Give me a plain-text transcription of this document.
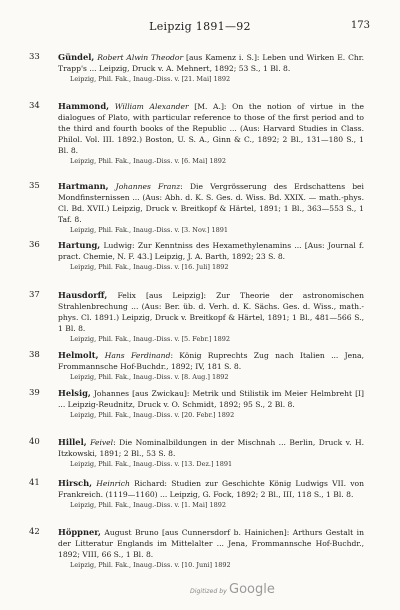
Leipzig 1891—92	173
33	Gündel, Robert Alwin Theodor [aus Kamenz i. S.]: Leben und Wirken E. Chr. Trapp's ... Leipzig, Druck v. A. Mehnert, 1892; 53 S., 1 Bl. 8.
Leipzig, Phil. Fak., Inaug.-Diss. v. [21. Mai] 1892
34	Hammond, William Alexander [M. A.]: On the notion of virtue in the dialogues of Plato, with particular reference to those of the first period and to the third and fourth books of the Republic ... (Aus: Harvard Studies in Class. Philol. Vol. III. 1892.) Boston, U. S. A., Ginn & C., 1892; 2 Bl., 131—180 S., 1 Bl. 8.
Leipzig, Phil. Fak., Inaug.-Diss. v. [6. Mai] 1892
35	Hartmann, Johannes Franz: Die Vergrösserung des Erdschattens bei Mondfinsternissen ... (Aus: Abh. d. K. S. Ges. d. Wiss. Bd. XXIX. — math.-phys. Cl. Bd. XVII.) Leipzig, Druck v. Breitkopf & Härtel, 1891; 1 Bl., 363—553 S., 1 Taf. 8.
Leipzig, Phil. Fak., Inaug.-Diss. v. [3. Nov.] 1891
36	Hartung, Ludwig: Zur Kenntniss des Hexamethylenamins ... [Aus: Journal f. pract. Chemie, N. F. 43.] Leipzig, J. A. Barth, 1892; 23 S. 8.
Leipzig, Phil. Fak., Inaug.-Diss. v. [16. Juli] 1892
37	Hausdorff, Felix [aus Leipzig]: Zur Theorie der astronomischen Strahlenbrechung ... (Aus: Ber. üb. d. Verh. d. K. Sächs. Ges. d. Wiss., math.-phys. Cl. 1891.) Leipzig, Druck v. Breitkopf & Härtel, 1891; 1 Bl., 481—566 S., 1 Bl. 8.
Leipzig, Phil. Fak., Inaug.-Diss. v. [5. Febr.] 1892
38	Helmolt, Hans Ferdinand: König Ruprechts Zug nach Italien ... Jena, Frommannsche Hof-Buchdr., 1892; IV, 181 S. 8.
Leipzig, Phil. Fak., Inaug.-Diss. v. [8. Aug.] 1892
39	Helsig, Johannes [aus Zwickau]: Metrik und Stilistik im Meier Helmbreht [I] ... Leipzig-Reudnitz, Druck v. O. Schmidt, 1892; 95 S., 2 Bl. 8.
Leipzig, Phil. Fak., Inaug.-Diss. v. [20. Febr.] 1892
40	Hillel, Feivel: Die Nominalbildungen in der Mischnah ... Berlin, Druck v. H. Itzkowski, 1891; 2 Bl., 53 S. 8.
Leipzig, Phil. Fak., Inaug.-Diss. v. [13. Dez.] 1891
41	Hirsch, Heinrich Richard: Studien zur Geschichte König Ludwigs VII. von Frankreich. (1119—1160) ... Leipzig, G. Fock, 1892; 2 Bl., III, 118 S., 1 Bl. 8.
Leipzig, Phil. Fak., Inaug.-Diss. v. [1. Mai] 1892
42	Höppner, August Bruno [aus Cunnersdorf b. Hainichen]: Arthurs Gestalt in der Litteratur Englands im Mittelalter ... Jena, Frommannsche Hof-Buchdr., 1892; VIII, 66 S., 1 Bl. 8.
Leipzig, Phil. Fak., Inaug.-Diss. v. [10. Juni] 1892
Digitized by Google
